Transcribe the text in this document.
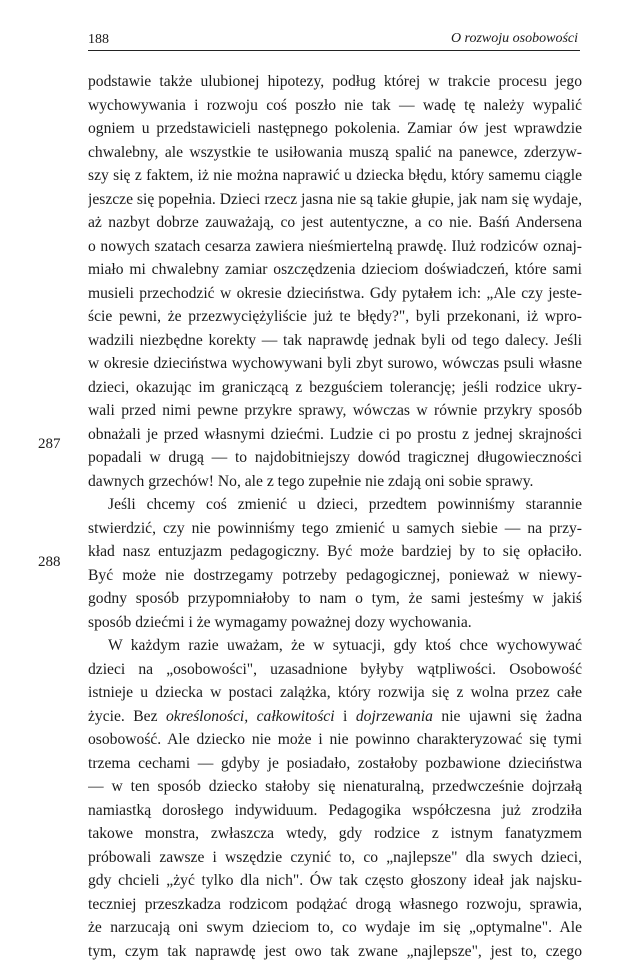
188	O rozwoju osobowości
287
288
podstawie także ulubionej hipotezy, podług której w trakcie procesu jego
wychowywania i rozwoju coś poszło nie tak — wadę tę należy wypalić
ogniem u przedstawicieli następnego pokolenia. Zamiar ów jest wprawdzie
chwalebny, ale wszystkie te usiłowania muszą spalić na panewce, zderzyw-
szy się z faktem, iż nie można naprawić u dziecka błędu, który samemu ciągle
jeszcze się popełnia. Dzieci rzecz jasna nie są takie głupie, jak nam się wydaje,
aż nazbyt dobrze zauważają, co jest autentyczne, a co nie. Baśń Andersena
o nowych szatach cesarza zawiera nieśmiertelną prawdę. Iluż rodziców oznaj-
miało mi chwalebny zamiar oszczędzenia dzieciom doświadczeń, które sami
musieli przechodzić w okresie dzieciństwa. Gdy pytałem ich: „Ale czy jeste-
ście pewni, że przezwyciężyliście już te błędy?", byli przekonani, iż wpro-
wadzili niezbędne korekty — tak naprawdę jednak byli od tego dalecy. Jeśli
w okresie dzieciństwa wychowywani byli zbyt surowo, wówczas psuli własne
dzieci, okazując im graniczącą z bezguściem tolerancję; jeśli rodzice ukry-
wali przed nimi pewne przykre sprawy, wówczas w równie przykry sposób
obnażali je przed własnymi dziećmi. Ludzie ci po prostu z jednej skrajności
popadali w drugą — to najdobitniejszy dowód tragicznej długowieczności
dawnych grzechów! No, ale z tego zupełnie nie zdają oni sobie sprawy.
Jeśli chcemy coś zmienić u dzieci, przedtem powinniśmy starannie
stwierdzić, czy nie powinniśmy tego zmienić u samych siebie — na przy-
kład nasz entuzjazm pedagogiczny. Być może bardziej by to się opłaciło.
Być może nie dostrzegamy potrzeby pedagogicznej, ponieważ w niewy-
godny sposób przypomniałoby to nam o tym, że sami jesteśmy w jakiś
sposób dziećmi i że wymagamy poważnej dozy wychowania.
W każdym razie uważam, że w sytuacji, gdy ktoś chce wychowywać
dzieci na „osobowości", uzasadnione byłyby wątpliwości. Osobowość
istnieje u dziecka w postaci zalążka, który rozwija się z wolna przez całe
życie. Bez określoności, całkowitości i dojrzewania nie ujawni się żadna
osobowość. Ale dziecko nie może i nie powinno charakteryzować się tymi
trzema cechami — gdyby je posiadało, zostałoby pozbawione dzieciństwa
— w ten sposób dziecko stałoby się nienaturalną, przedwcześnie dojrzałą
namiastką dorosłego indywiduum. Pedagogika współczesna już zrodziła
takowe monstra, zwłaszcza wtedy, gdy rodzice z istnym fanatyzmem
próbowali zawsze i wszędzie czynić to, co „najlepsze" dla swych dzieci,
gdy chcieli „żyć tylko dla nich". Ów tak często głoszony ideał jak najsku-
teczniej przeszkadza rodzicom podążać drogą własnego rozwoju, sprawia,
że narzucają oni swym dzieciom to, co wydaje im się „optymalne". Ale
tym, czym tak naprawdę jest owo tak zwane „najlepsze", jest to, czego
